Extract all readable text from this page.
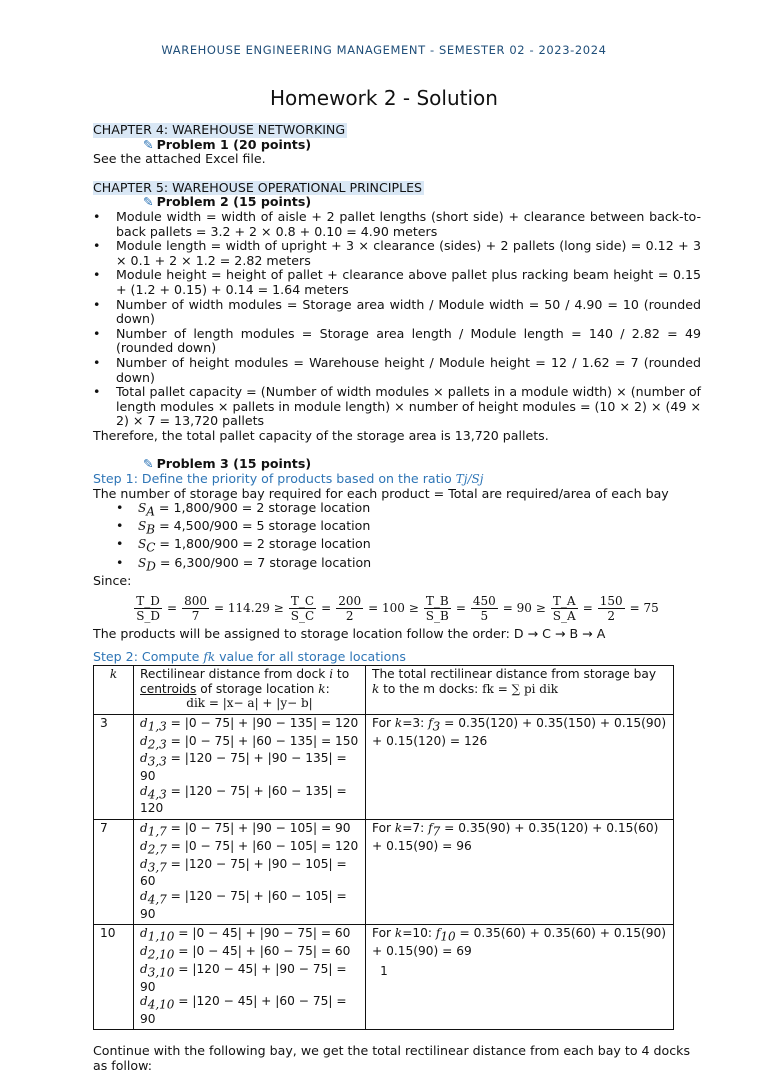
WAREHOUSE ENGINEERING MANAGEMENT - SEMESTER 02 - 2023-2024
Homework 2 - Solution

CHAPTER 4: WAREHOUSE NETWORKING

✎ Problem 1 (20 points)

See the attached Excel file.

CHAPTER 5: WAREHOUSE OPERATIONAL PRINCIPLES

✎ Problem 2 (15 points)

• Module width = width of aisle + 2 pallet lengths (short side) + clearance between back-to-back pallets = 3.2 + 2 × 0.8 + 0.10 = 4.90 meters
• Module length = width of upright + 3 × clearance (sides) + 2 pallets (long side) = 0.12 + 3 × 0.1 + 2 × 1.2 = 2.82 meters
• Module height = height of pallet + clearance above pallet plus racking beam height = 0.15 + (1.2 + 0.15) + 0.14 = 1.64 meters
• Number of width modules = Storage area width / Module width = 50 / 4.90 = 10 (rounded down)
• Number of length modules = Storage area length / Module length = 140 / 2.82 = 49 (rounded down)
• Number of height modules = Warehouse height / Module height = 12 / 1.62 = 7 (rounded down)
• Total pallet capacity = (Number of width modules × pallets in a module width) × (number of length modules × pallets in module length) × number of height modules = (10 × 2) × (49 × 2) × 7 = 13,720 pallets

Therefore, the total pallet capacity of the storage area is 13,720 pallets.

✎ Problem 3 (15 points)

Step 1: Define the priority of products based on the ratio Tj/Sj

The number of storage bay required for each product = Total are required/area of each bay

• $S_A = 1,800/900 = 2$ storage location
• $S_B = 4,500/900 = 5$ storage location
• $S_C = 1,800/900 = 2$ storage location
• $S_D = 6,300/900 = 7$ storage location

Since:

$\frac{T\_D}{S\_D} = \frac{800}{7} = 114.29 \ge \frac{T\_C}{S\_C} = \frac{200}{2} = 100 \ge \frac{T\_B}{S\_B} = \frac{450}{5} = 90 \ge \frac{T\_A}{S\_A} = \frac{150}{2} = 75$

The products will be assigned to storage location follow the order: D → C → B → A

Step 2: Compute fk value for all storage locations

k	Rectilinear distance from dock i to centroids of storage location k:
dik = |x− a| + |y− b|	The total rectilinear distance from storage bay k to the m docks: fk = ∑ pi dik
3	$d_{1,3} = |0 - 75| + |90 - 135| = 120$
$d_{2,3} = |0 - 75| + |60 - 135| = 150$
$d_{3,3} = |120 - 75| + |90 - 135| = 90$
$d_{4,3} = |120 - 75| + |60 - 135| = 120$	For k=3: $f_3 = 0.35(120) + 0.35(150) + 0.15(90) + 0.15(120) = 126$
7	$d_{1,7} = |0 - 75| + |90 - 105| = 90$
$d_{2,7} = |0 - 75| + |60 - 105| = 120$
$d_{3,7} = |120 - 75| + |90 - 105| = 60$
$d_{4,7} = |120 - 75| + |60 - 105| = 90$	For k=7: $f_7 = 0.35(90) + 0.35(120) + 0.15(60) + 0.15(90) = 96$
10	$d_{1,10} = |0 - 45| + |90 - 75| = 60$
$d_{2,10} = |0 - 45| + |60 - 75| = 60$
$d_{3,10} = |120 - 45| + |90 - 75| = 90$
$d_{4,10} = |120 - 45| + |60 - 75| = 90$	For k=10: $f_{10} = 0.35(60) + 0.35(60) + 0.15(90) + 0.15(90) = 69$

Continue with the following bay, we get the total rectilinear distance from each bay to 4 docks as follow:

1
